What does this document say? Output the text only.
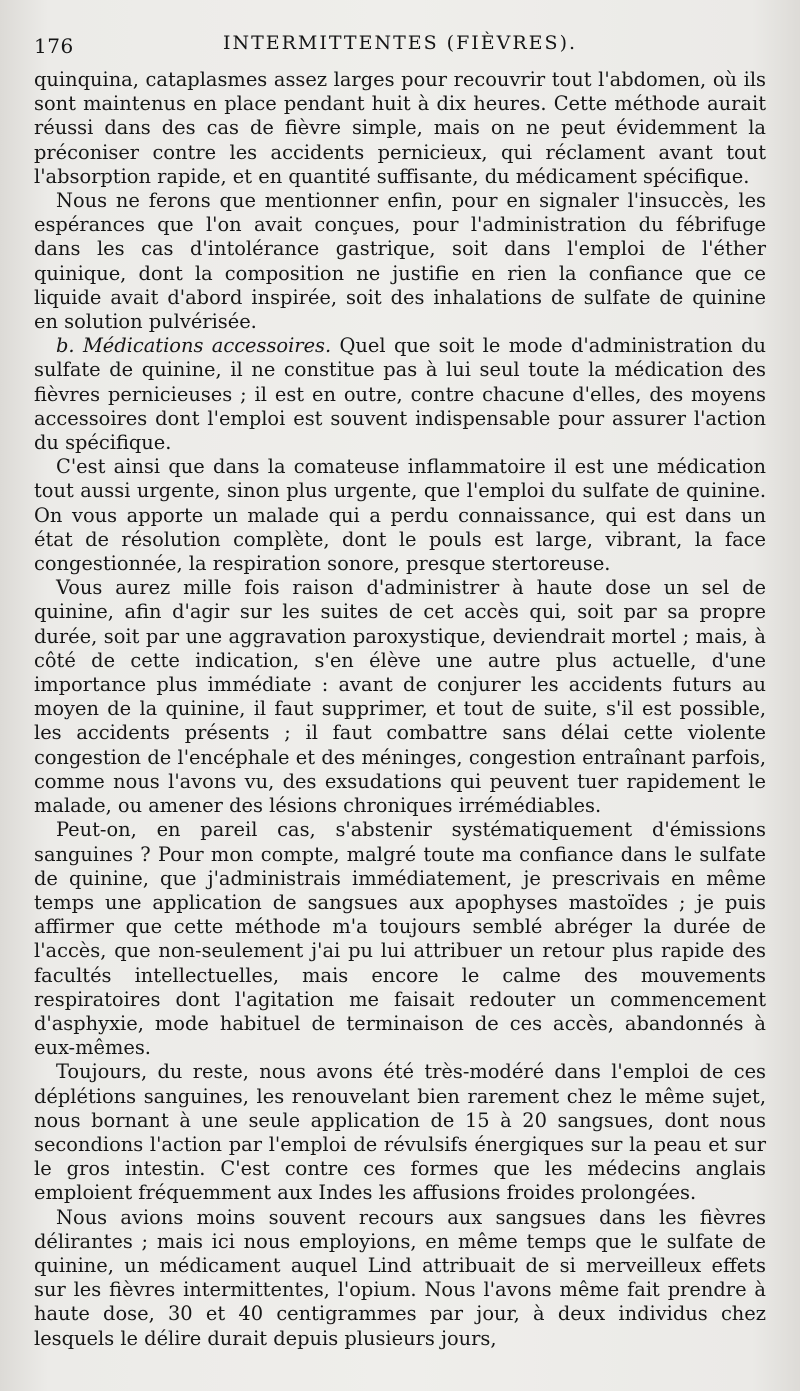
176	INTERMITTENTES (FIÈVRES).

quinquina, cataplasmes assez larges pour recouvrir tout l'abdomen, où ils sont maintenus en place pendant huit à dix heures. Cette méthode aurait réussi dans des cas de fièvre simple, mais on ne peut évidemment la préconiser contre les accidents pernicieux, qui réclament avant tout l'absorption rapide, et en quantité suffisante, du médicament spécifique.

Nous ne ferons que mentionner enfin, pour en signaler l'insuccès, les espérances que l'on avait conçues, pour l'administration du fébrifuge dans les cas d'intolérance gastrique, soit dans l'emploi de l'éther quinique, dont la composition ne justifie en rien la confiance que ce liquide avait d'abord inspirée, soit des inhalations de sulfate de quinine en solution pulvérisée.

b. Médications accessoires. Quel que soit le mode d'administration du sulfate de quinine, il ne constitue pas à lui seul toute la médication des fièvres pernicieuses ; il est en outre, contre chacune d'elles, des moyens accessoires dont l'emploi est souvent indispensable pour assurer l'action du spécifique.

C'est ainsi que dans la comateuse inflammatoire il est une médication tout aussi urgente, sinon plus urgente, que l'emploi du sulfate de quinine. On vous apporte un malade qui a perdu connaissance, qui est dans un état de résolution complète, dont le pouls est large, vibrant, la face congestionnée, la respiration sonore, presque stertoreuse.

Vous aurez mille fois raison d'administrer à haute dose un sel de quinine, afin d'agir sur les suites de cet accès qui, soit par sa propre durée, soit par une aggravation paroxystique, deviendrait mortel ; mais, à côté de cette indication, s'en élève une autre plus actuelle, d'une importance plus immédiate : avant de conjurer les accidents futurs au moyen de la quinine, il faut supprimer, et tout de suite, s'il est possible, les accidents présents ; il faut combattre sans délai cette violente congestion de l'encéphale et des méninges, congestion entraînant parfois, comme nous l'avons vu, des exsudations qui peuvent tuer rapidement le malade, ou amener des lésions chroniques irrémédiables.

Peut-on, en pareil cas, s'abstenir systématiquement d'émissions sanguines ? Pour mon compte, malgré toute ma confiance dans le sulfate de quinine, que j'administrais immédiatement, je prescrivais en même temps une application de sangsues aux apophyses mastoïdes ; je puis affirmer que cette méthode m'a toujours semblé abréger la durée de l'accès, que non-seulement j'ai pu lui attribuer un retour plus rapide des facultés intellectuelles, mais encore le calme des mouvements respiratoires dont l'agitation me faisait redouter un commencement d'asphyxie, mode habituel de terminaison de ces accès, abandonnés à eux-mêmes.

Toujours, du reste, nous avons été très-modéré dans l'emploi de ces déplétions sanguines, les renouvelant bien rarement chez le même sujet, nous bornant à une seule application de 15 à 20 sangsues, dont nous secondions l'action par l'emploi de révulsifs énergiques sur la peau et sur le gros intestin. C'est contre ces formes que les médecins anglais emploient fréquemment aux Indes les affusions froides prolongées.

Nous avions moins souvent recours aux sangsues dans les fièvres délirantes ; mais ici nous employions, en même temps que le sulfate de quinine, un médicament auquel Lind attribuait de si merveilleux effets sur les fièvres intermittentes, l'opium. Nous l'avons même fait prendre à haute dose, 30 et 40 centigrammes par jour, à deux individus chez lesquels le délire durait depuis plusieurs jours,
